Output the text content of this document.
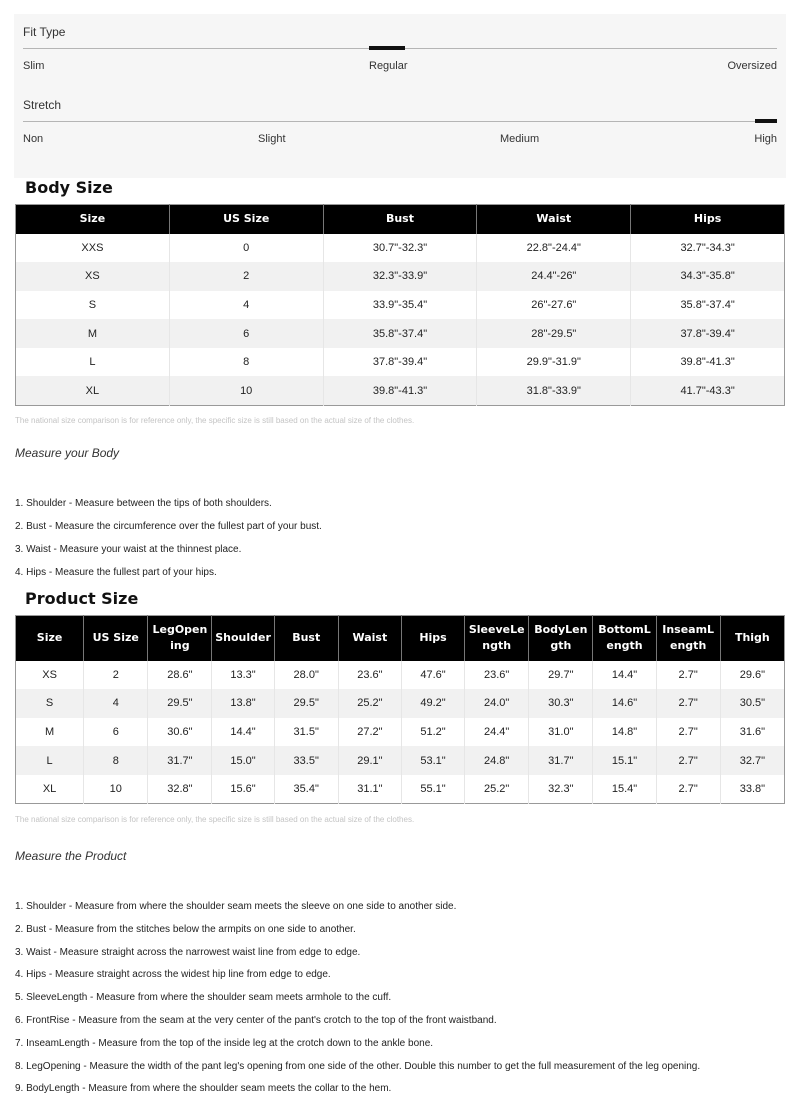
Fit Type
Slim	Regular	Oversized
Stretch
Non	Slight	Medium	High
Body Size
Size	US Size	Bust	Waist	Hips
XXS	0	30.7"-32.3"	22.8"-24.4"	32.7"-34.3"
XS	2	32.3"-33.9"	24.4"-26"	34.3"-35.8"
S	4	33.9"-35.4"	26"-27.6"	35.8"-37.4"
M	6	35.8"-37.4"	28"-29.5"	37.8"-39.4"
L	8	37.8"-39.4"	29.9"-31.9"	39.8"-41.3"
XL	10	39.8"-41.3"	31.8"-33.9"	41.7"-43.3"
The national size comparison is for reference only, the specific size is still based on the actual size of the clothes.
Measure your Body
1. Shoulder - Measure between the tips of both shoulders.
2. Bust - Measure the circumference over the fullest part of your bust.
3. Waist - Measure your waist at the thinnest place.
4. Hips - Measure the fullest part of your hips.
Product Size
Size	US Size	LegOpen ing	Shoulder	Bust	Waist	Hips	SleeveLe ngth	BodyLen gth	BottomL ength	InseamL ength	Thigh
XS	2	28.6"	13.3"	28.0"	23.6"	47.6"	23.6"	29.7"	14.4"	2.7"	29.6"
S	4	29.5"	13.8"	29.5"	25.2"	49.2"	24.0"	30.3"	14.6"	2.7"	30.5"
M	6	30.6"	14.4"	31.5"	27.2"	51.2"	24.4"	31.0"	14.8"	2.7"	31.6"
L	8	31.7"	15.0"	33.5"	29.1"	53.1"	24.8"	31.7"	15.1"	2.7"	32.7"
XL	10	32.8"	15.6"	35.4"	31.1"	55.1"	25.2"	32.3"	15.4"	2.7"	33.8"
The national size comparison is for reference only, the specific size is still based on the actual size of the clothes.
Measure the Product
1. Shoulder - Measure from where the shoulder seam meets the sleeve on one side to another side.
2. Bust - Measure from the stitches below the armpits on one side to another.
3. Waist - Measure straight across the narrowest waist line from edge to edge.
4. Hips - Measure straight across the widest hip line from edge to edge.
5. SleeveLength - Measure from where the shoulder seam meets armhole to the cuff.
6. FrontRise - Measure from the seam at the very center of the pant's crotch to the top of the front waistband.
7. InseamLength - Measure from the top of the inside leg at the crotch down to the ankle bone.
8. LegOpening - Measure the width of the pant leg's opening from one side of the other. Double this number to get the full measurement of the leg opening.
9. BodyLength - Measure from where the shoulder seam meets the collar to the hem.
